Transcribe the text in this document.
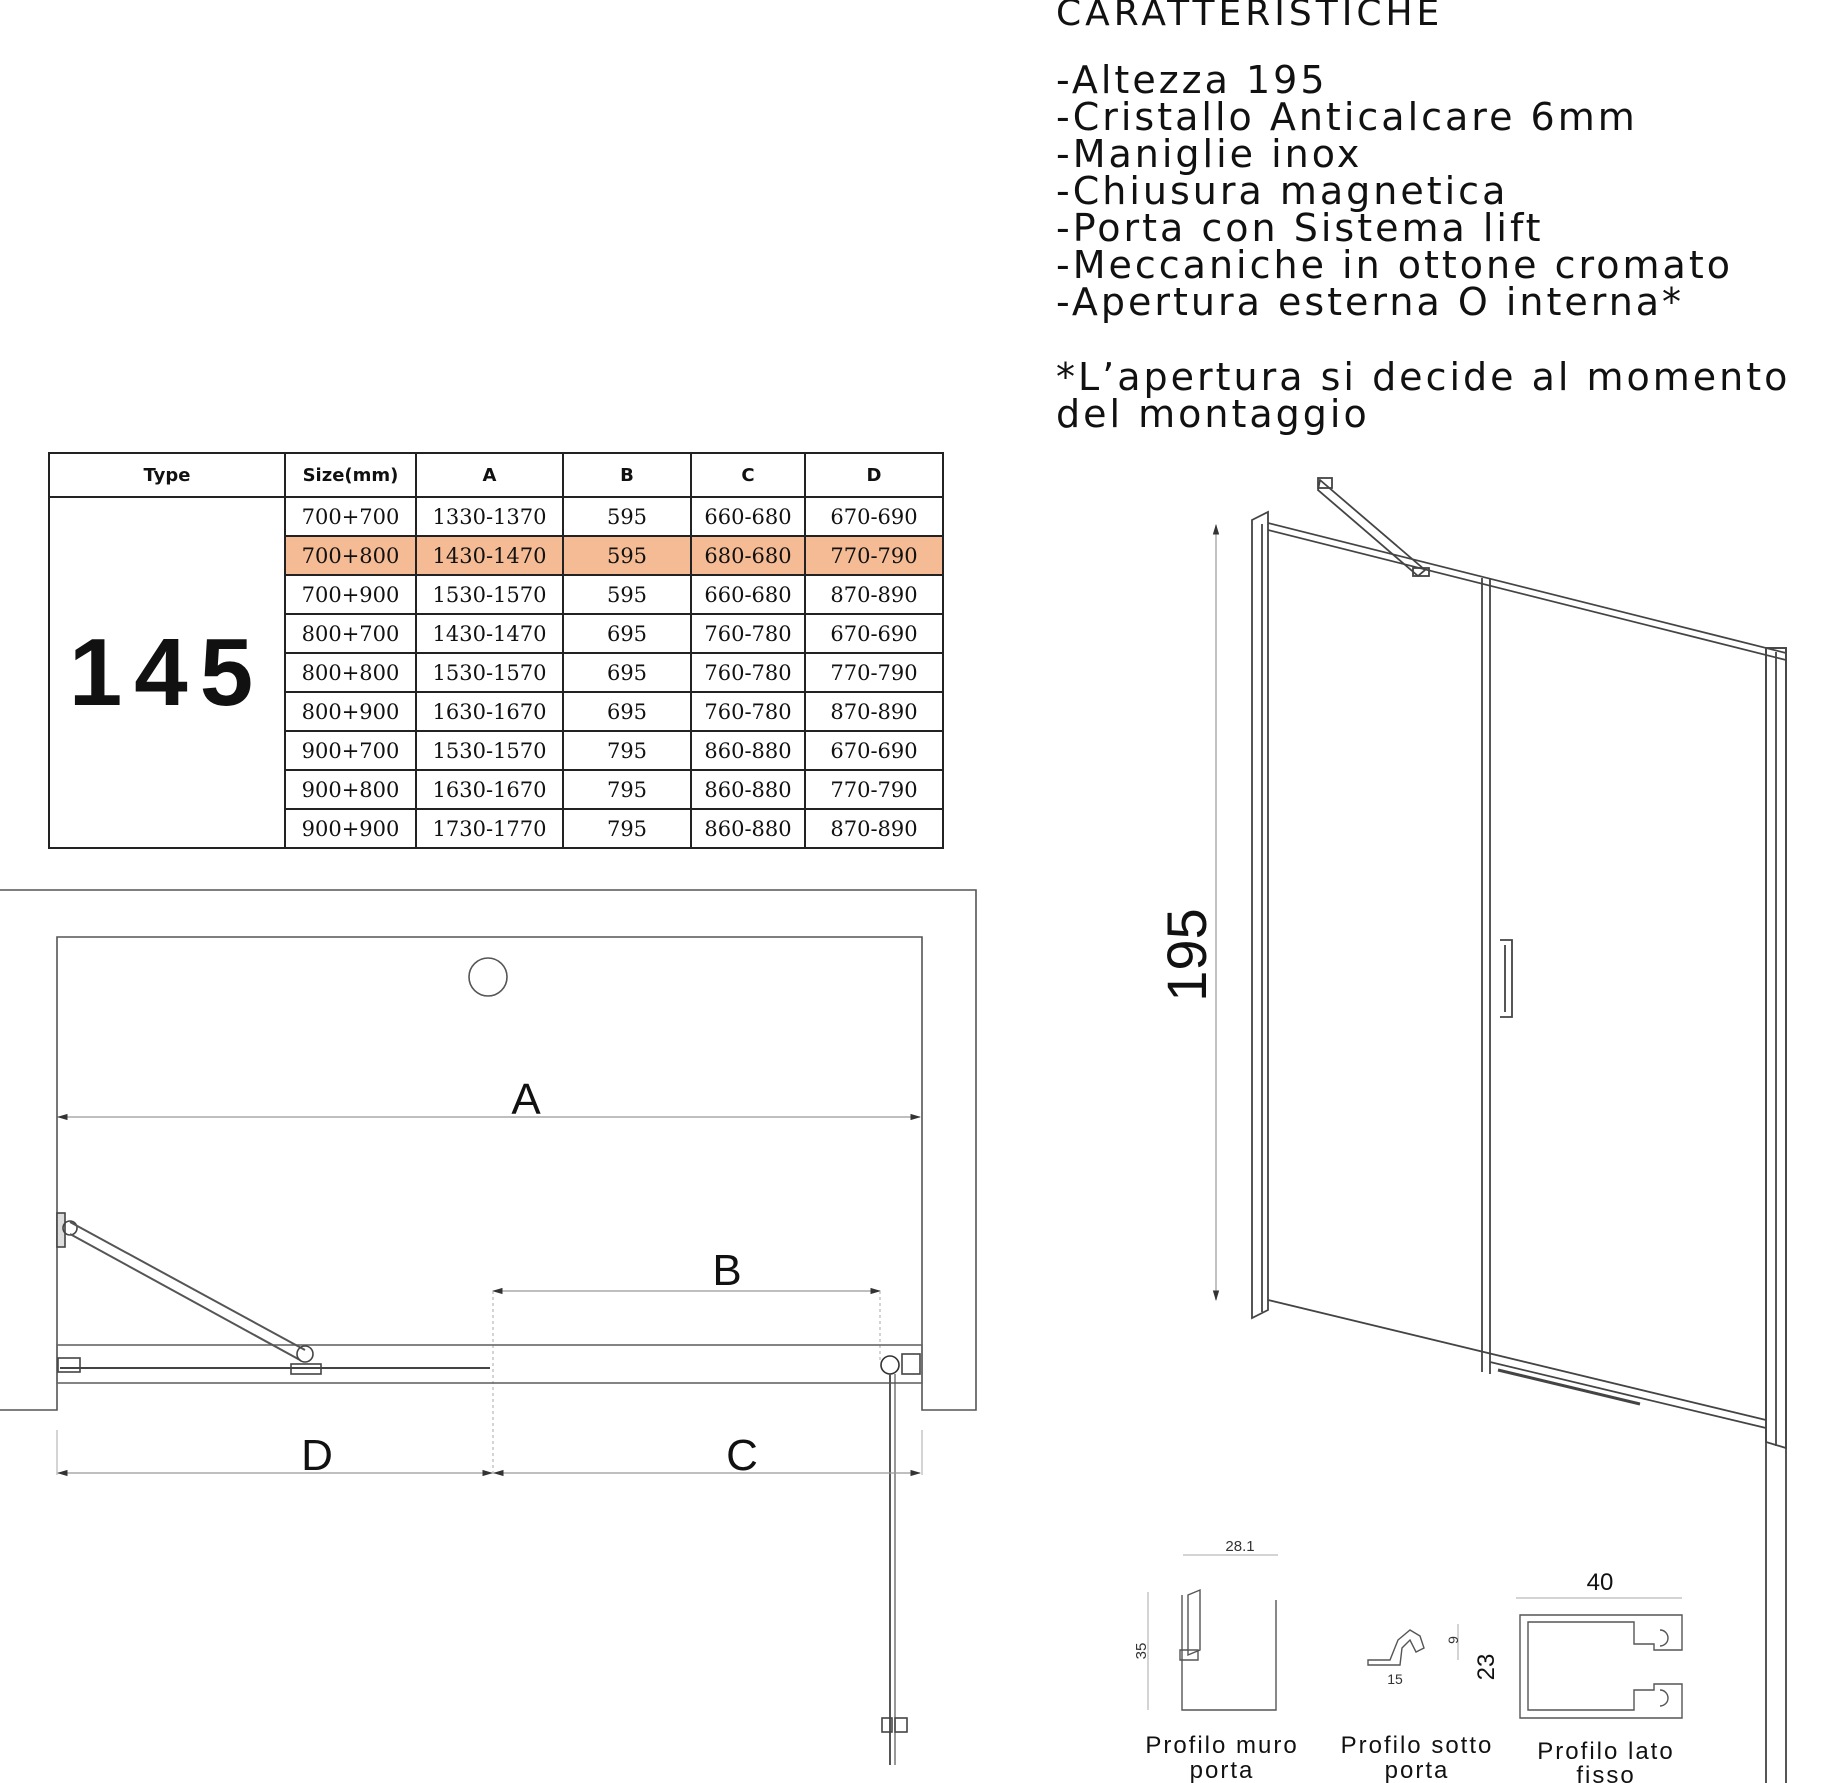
CARATTERISTICHE
-Altezza 195
-Cristallo Anticalcare 6mm
-Maniglie inox
-Chiusura magnetica
-Porta con Sistema lift
-Meccaniche in ottone cromato
-Apertura esterna O interna*
*L’apertura si decide al momento del montaggio
Type	Size(mm)	A	B	C	D
145	700+700	1330-1370	595	660-680	670-690
	700+800	1430-1470	595	680-680	770-790
	700+900	1530-1570	595	660-680	870-890
	800+700	1430-1470	695	760-780	670-690
	800+800	1530-1570	695	760-780	770-790
	800+900	1630-1670	695	760-780	870-890
	900+700	1530-1570	795	860-880	670-690
	900+800	1630-1670	795	860-880	770-790
	900+900	1730-1770	795	860-880	870-890
A
B
D	C
195
28.1
35
Profilo muro
porta
15
9
Profilo sotto
porta
40
23
Profilo lato
fisso
